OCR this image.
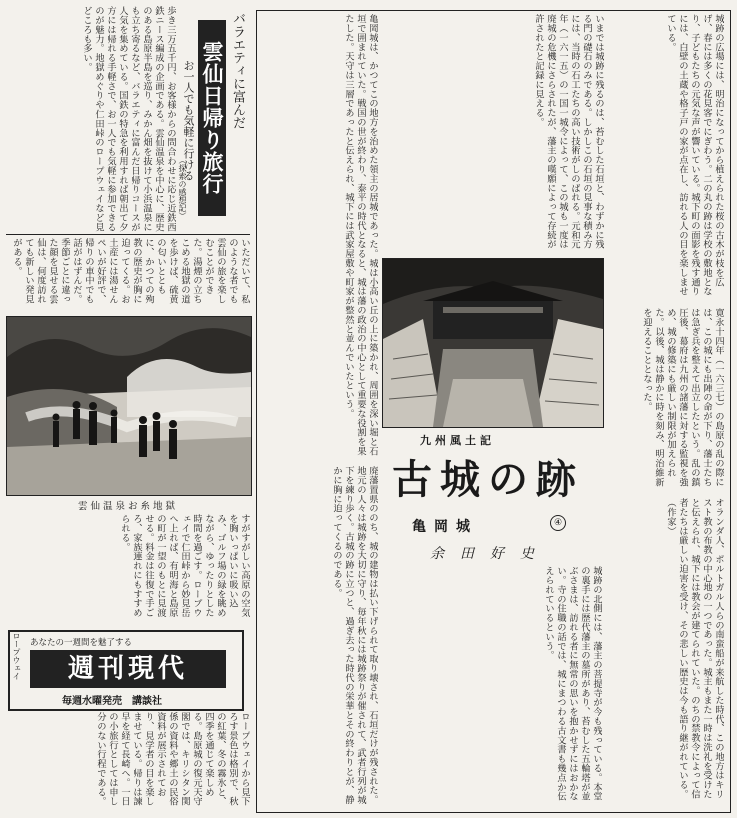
バラエティに富んだ
雲仙日帰り旅行
お一人でも気軽に行ける
（探索の感想記）
歩き三万五千円、お客様からの問合わせに応じ近鉄西鉄ニース編成の企画である。雲仙温泉を中心に、歴史のある島原半島を巡り、みかん畑を抜けて小浜温泉にも立ち寄るなど、バラエティに富んだ日帰りコースが人気を集めている。国鉄の特急を利用すれば朝出て夕方には帰れる手軽さで、お一人でも気軽に参加できるのが魅力。地獄めぐりや仁田峠のロープウェイなど見どころも多い。
いただいて、私のような者でも雲仙の旅を楽しむことができた。湯煙の立ちこめる地獄の道を歩けば、硫黄の匂いとともに、かつての殉教の歴史が胸に迫ってくる。お土産には湯せんぺいが好評で、帰りの車中でも話がはずんだ。季節ごとに違った顔を見せる雲仙は、何度訪れても新しい発見がある。
雲仙温泉お糸地獄
すがすがしい高原の空気を胸いっぱいに吸い込み、ゴルフ場の緑を眺めながら、ゆったりとした時間を過ごす。ロープウェイで仁田峠から妙見岳へ上れば、有明海と島原の町が一望のもとに見渡せる。料金は往復で手ごろ、家族連れにもすすめられる。
ロープウェイ あなたの一週間を魅了する
週刊現代
毎週水曜発売　講談社
ロープウェイから見下ろす景色は格別で、秋の紅葉、冬の霧氷と、四季を通じて楽しめる。島原城の復元天守閣では、キリシタン関係の資料や郷土の民俗資料が展示されており、見学者の目を楽しませている。帰りは諫早を経て長崎へ。一日の小旅行としては申し分のない行程である。
亀岡城は、かつてこの地方を治めた領主の居城であった。城は小高い丘の上に築かれ、周囲を深い堀と石垣で囲まれていた。戦国の世が終わり、泰平の時代となると、城は藩の政治の中心として重要な役割を果たした。天守は三層であったと伝えられ、城下には武家屋敷や町家が整然と並んでいたという。	いまでは城跡に残るのは、苔むした石垣と、わずかに残る門の礎石のみである。しかしこの石垣の見事な積み方には、当時の石工たちの高い技術がしのばれる。元和元年（一六一五）の一国一城令によって、この城も一度は廃城の危機にさらされたが、藩主の嘆願によって存続が許されたと記録に見える。	城跡の広場には、明治になってから植えられた桜の古木が枝を広げ、春には多くの花見客でにぎわう。二の丸の跡は学校の敷地となり、子どもたちの元気な声が響いている。城下町の面影を残す通りには、白壁の土蔵や格子戸の家が点在し、訪れる人の目を楽しませている。
寛永十四年（一六三七）の島原の乱の際には、この城にも出陣の命が下り、藩士たちは急ぎ兵を整えて出立したという。乱の鎮圧後、幕府は九州の諸藩に対する監視を強め、城の修築にも厳しい制限が加えられた。以後、城は静かに時を刻み、明治維新を迎えることとなった。
九州風土記
古城の跡
亀岡城	④
余田好史
廃藩置県ののち、城の建物は払い下げられて取り壊され、石垣だけが残された。地元の人々は城跡を大切に守り、毎年秋には城跡祭りが催されて、武者行列が城下を練り歩く。古城の跡に立つと、過ぎ去った時代の栄華とその終わりとが、静かに胸に迫ってくるのである。
城跡の北側には、藩主の菩提寺が今も残っている。本堂の裏手には歴代藩主の墓所があり、苔むした五輪塔が並ぶさまは、訪れる者に無常の思いを抱かせずにはおかない。寺の住職の話では、城にまつわる古文書も幾点か伝えられているという。	オランダ人、ポルトガル人らの南蛮船が来航した時代、この地方はキリスト教の布教の中心地の一つであった。城主もまた一時は洗礼を受けたと伝えられ、城下には教会が建てられていた。のちの禁教令によって信者たちは厳しい迫害を受け、その悲しい歴史は今も語り継がれている。（作家）
